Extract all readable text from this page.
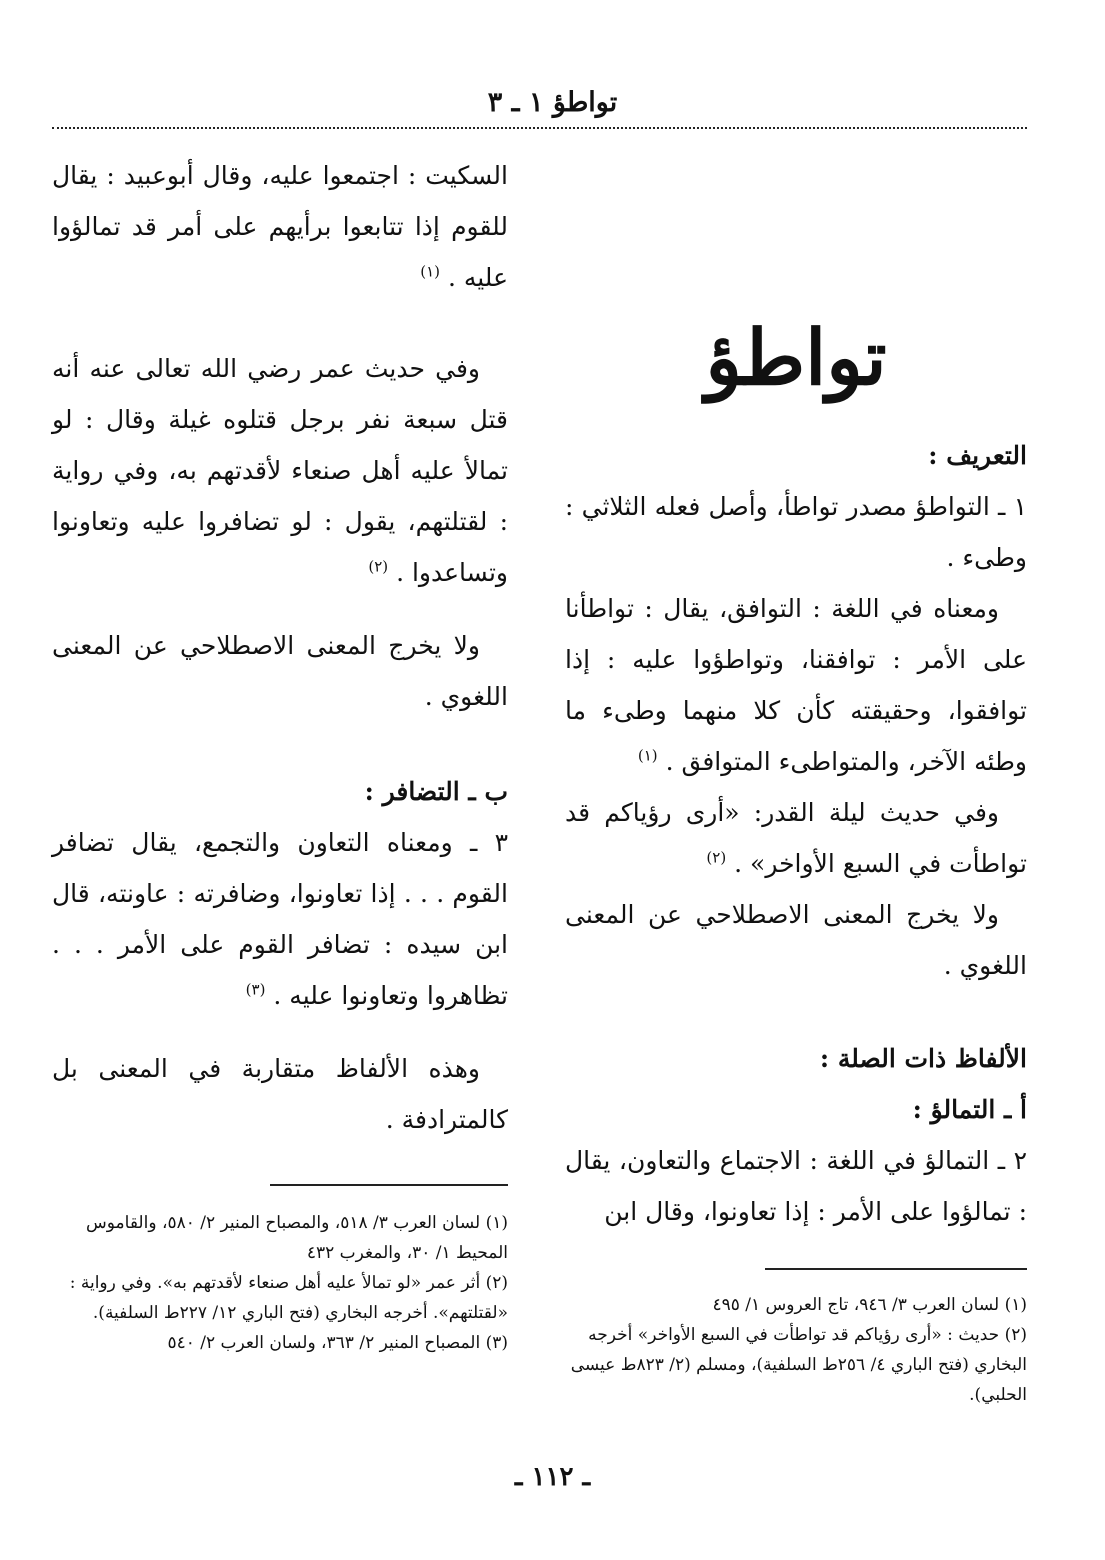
تواطؤ ١ ـ ٣
تواطؤ

التعريف :

١ ـ التواطؤ مصدر تواطأ، وأصل فعله الثلاثي : وطىء .

ومعناه في اللغة : التوافق، يقال : تواطأنا على الأمر : توافقنا، وتواطؤوا عليه : إذا توافقوا، وحقيقته كأن كلا منهما وطىء ما وطئه الآخر، والمتواطىء المتوافق . $^{(١)}$

وفي حديث ليلة القدر: «أرى رؤياكم قد تواطأت في السبع الأواخر» . $^{(٢)}$

ولا يخرج المعنى الاصطلاحي عن المعنى اللغوي .

الألفاظ ذات الصلة :

أ ـ التمالؤ :

٢ ـ التمالؤ في اللغة : الاجتماع والتعاون، يقال : تمالؤوا على الأمر : إذا تعاونوا، وقال ابن

(١) لسان العرب ٣/ ٩٤٦، تاج العروس ١/ ٤٩٥

(٢) حديث : «أرى رؤياكم قد تواطأت في السبع الأواخر» أخرجه البخاري (فتح الباري ٤/ ٢٥٦ط السلفية)، ومسلم (٢/ ٨٢٣ط عيسى الحلبي).

السكيت : اجتمعوا عليه، وقال أبوعبيد : يقال للقوم إذا تتابعوا برأيهم على أمر قد تمالؤوا عليه . $^{(١)}$

وفي حديث عمر رضي الله تعالى عنه أنه قتل سبعة نفر برجل قتلوه غيلة وقال : لو تمالأ عليه أهل صنعاء لأقدتهم به، وفي رواية : لقتلتهم، يقول : لو تضافروا عليه وتعاونوا وتساعدوا . $^{(٢)}$

ولا يخرج المعنى الاصطلاحي عن المعنى اللغوي .

ب ـ التضافر :

٣ ـ ومعناه التعاون والتجمع، يقال تضافر القوم . . . إذا تعاونوا، وضافرته : عاونته، قال ابن سيده : تضافر القوم على الأمر . . . تظاهروا وتعاونوا عليه . $^{(٣)}$

وهذه الألفاظ متقاربة في المعنى بل كالمترادفة .

(١) لسان العرب ٣/ ٥١٨، والمصباح المنير ٢/ ٥٨٠، والقاموس المحيط ١/ ٣٠، والمغرب ٤٣٢

(٢) أثر عمر «لو تمالأ عليه أهل صنعاء لأقدتهم به». وفي رواية : «لقتلتهم». أخرجه البخاري (فتح الباري ١٢/ ٢٢٧ط السلفية).

(٣) المصباح المنير ٢/ ٣٦٣، ولسان العرب ٢/ ٥٤٠

ـ ١١٢ ـ
